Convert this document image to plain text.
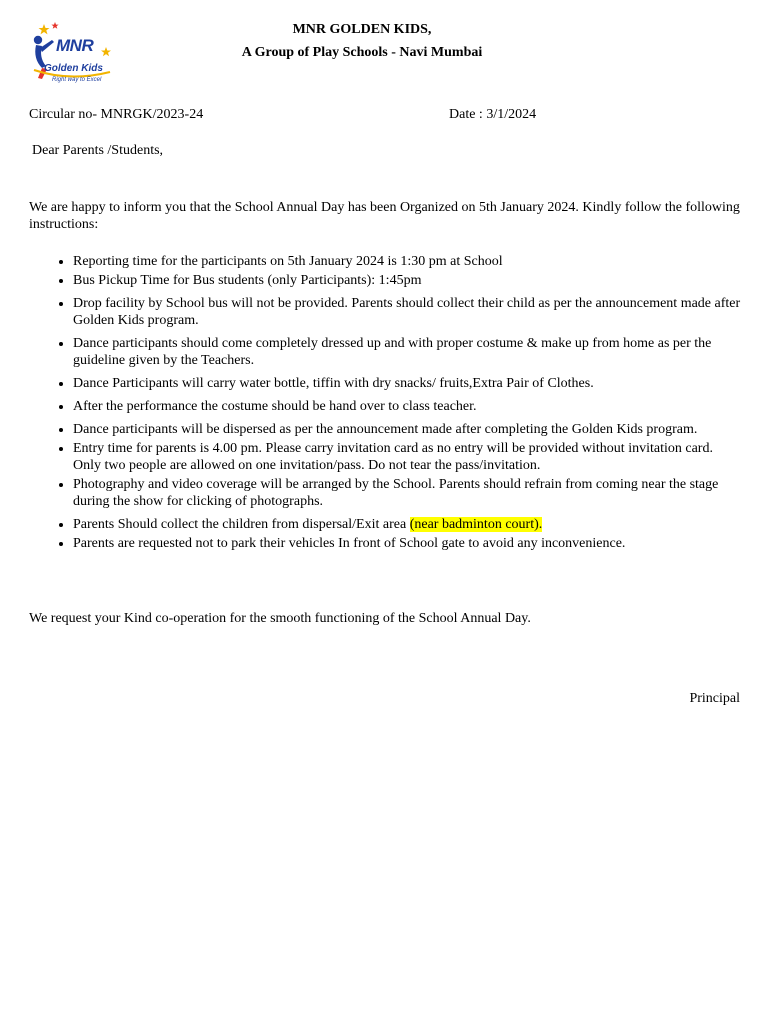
MNR
Golden Kids
Right way to Excel
MNR GOLDEN KIDS,
A Group of Play Schools - Navi Mumbai
Circular no- MNRGK/2023-24	Date : 3/1/2024
Dear Parents /Students,
We are happy to inform you that the School Annual Day has been Organized on 5th January 2024. Kindly follow the following instructions:
• Reporting time for the participants on 5th January 2024 is 1:30 pm at School
• Bus Pickup Time for Bus students (only Participants): 1:45pm
• Drop facility by School bus will not be provided. Parents should collect their child as per the announcement made after Golden Kids program.
• Dance participants should come completely dressed up and with proper costume & make up from home as per the guideline given by the Teachers.
• Dance Participants will carry water bottle, tiffin with dry snacks/ fruits,Extra Pair of Clothes.
• After the performance the costume should be hand over to class teacher.
• Dance participants will be dispersed as per the announcement made after completing the Golden Kids program.
• Entry time for parents is 4.00 pm. Please carry invitation card as no entry will be provided without invitation card. Only two people are allowed on one invitation/pass. Do not tear the pass/invitation.
• Photography and video coverage will be arranged by the School. Parents should refrain from coming near the stage during the show for clicking of photographs.
• Parents Should collect the children from dispersal/Exit area (near badminton court).
• Parents are requested not to park their vehicles In front of School gate to avoid any inconvenience.
We request your Kind co-operation for the smooth functioning of the School Annual Day.
Principal
